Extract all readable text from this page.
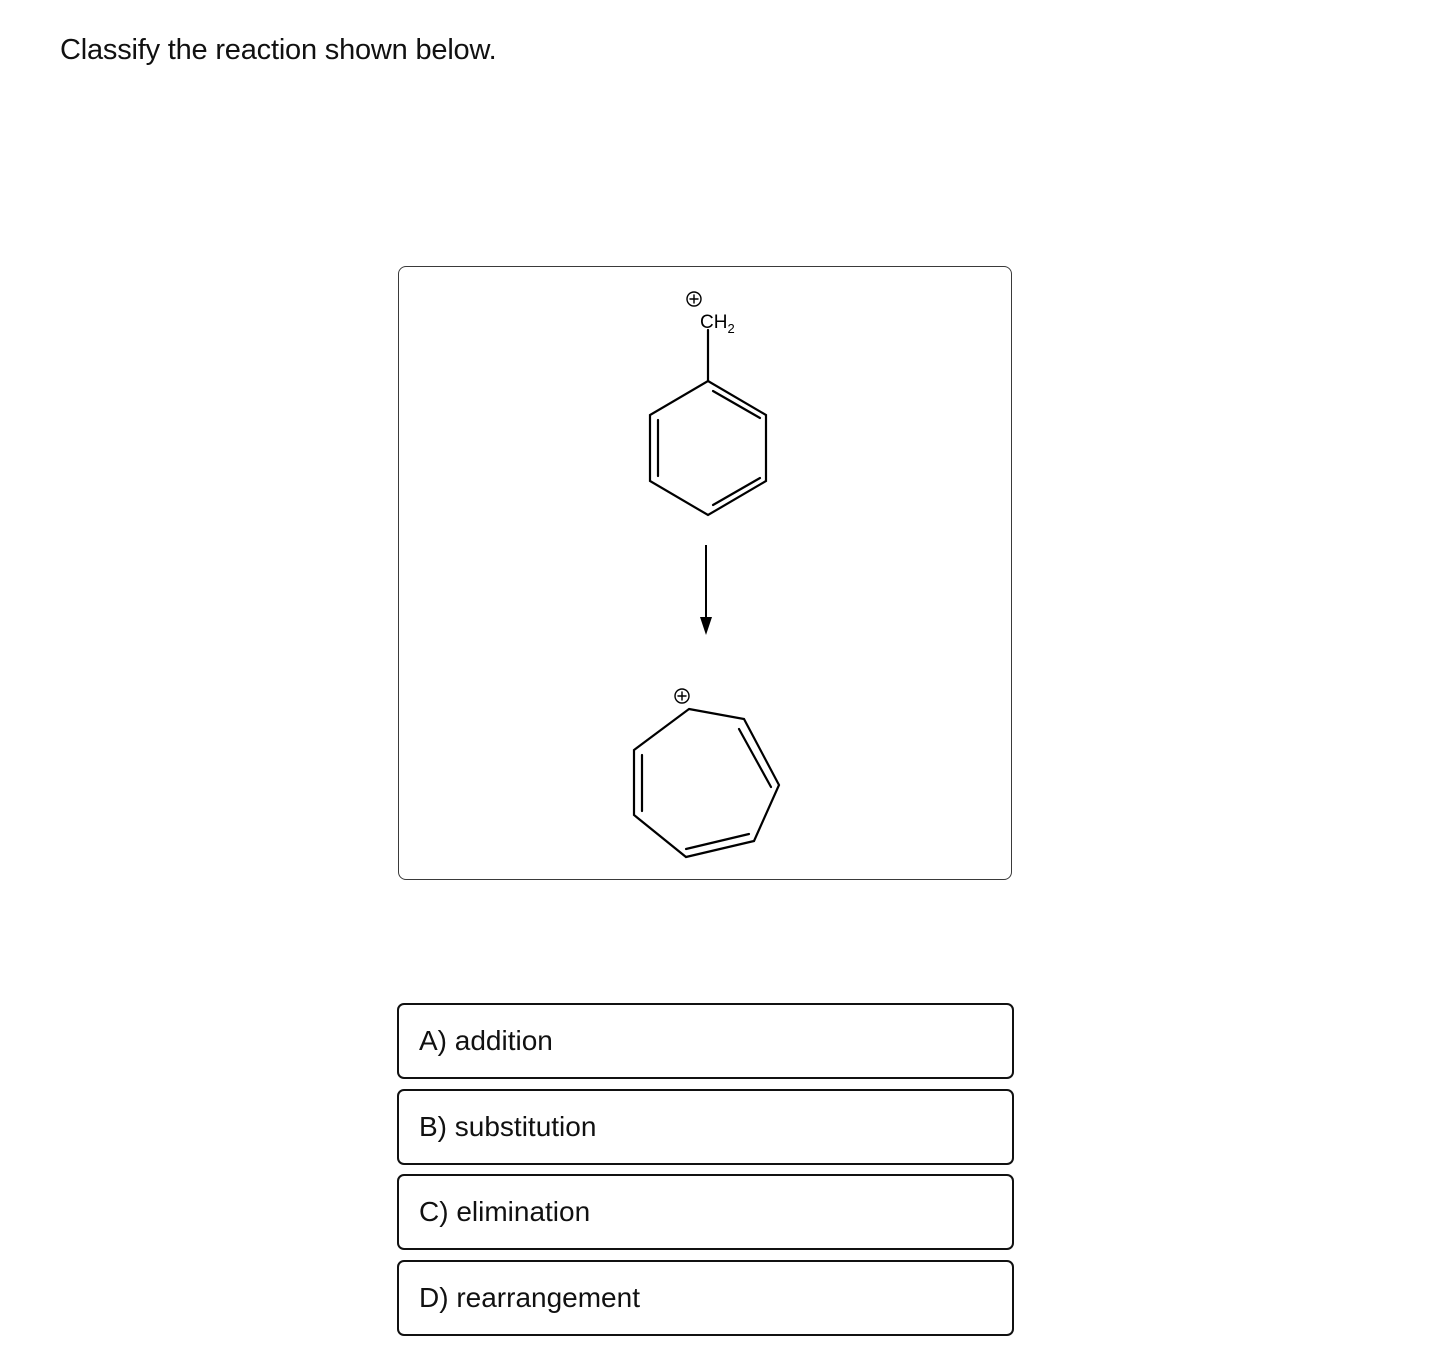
Classify the reaction shown below.
$CH_2$
A) addition
B) substitution
C) elimination
D) rearrangement
